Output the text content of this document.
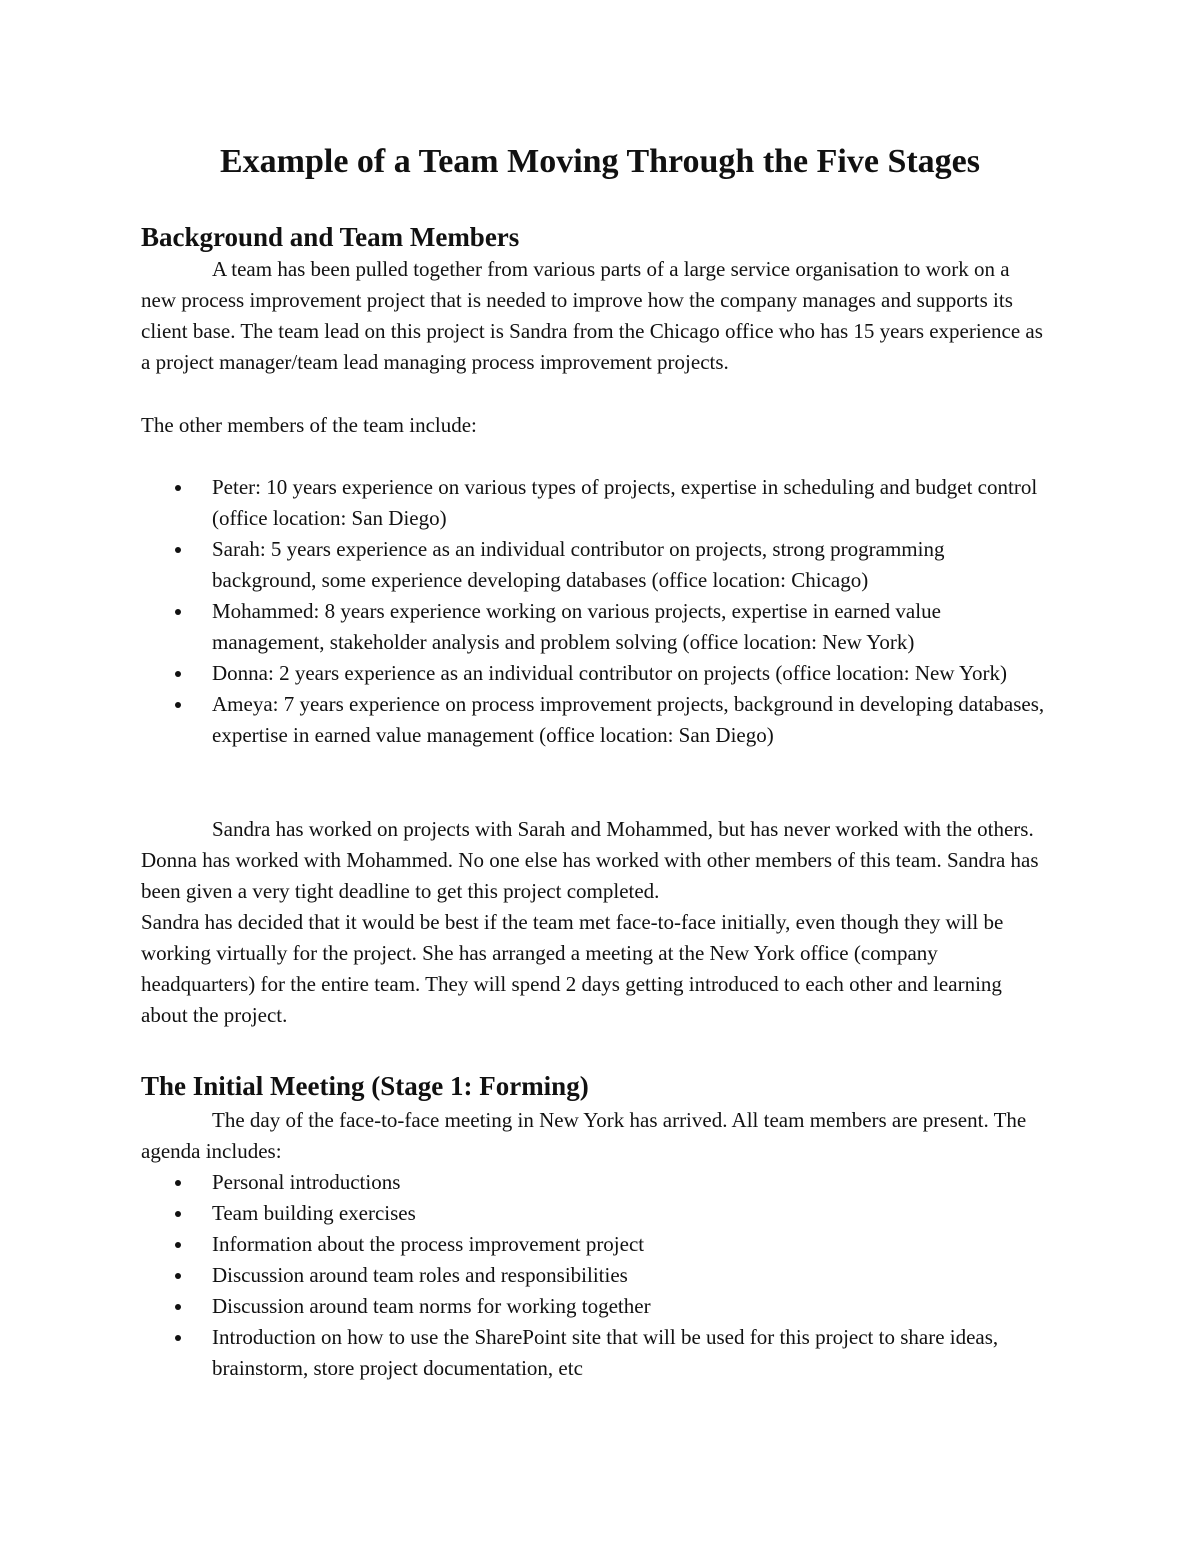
Example of a Team Moving Through the Five Stages
Background and Team Members

A team has been pulled together from various parts of a large service organisation to work on a new process improvement project that is needed to improve how the company manages and supports its client base. The team lead on this project is Sandra from the Chicago office who has 15 years experience as a project manager/team lead managing process improvement projects.

The other members of the team include:

Peter: 10 years experience on various types of projects, expertise in scheduling and budget control (office location: San Diego)
Sarah: 5 years experience as an individual contributor on projects, strong programming background, some experience developing databases (office location: Chicago)
Mohammed: 8 years experience working on various projects, expertise in earned value management, stakeholder analysis and problem solving (office location: New York)
Donna: 2 years experience as an individual contributor on projects (office location: New York)
Ameya: 7 years experience on process improvement projects, background in developing databases, expertise in earned value management (office location: San Diego)

Sandra has worked on projects with Sarah and Mohammed, but has never worked with the others. Donna has worked with Mohammed. No one else has worked with other members of this team. Sandra has been given a very tight deadline to get this project completed.

Sandra has decided that it would be best if the team met face-to-face initially, even though they will be working virtually for the project. She has arranged a meeting at the New York office (company headquarters) for the entire team. They will spend 2 days getting introduced to each other and learning about the project.

The Initial Meeting (Stage 1: Forming)

The day of the face-to-face meeting in New York has arrived. All team members are present. The agenda includes:

Personal introductions
Team building exercises
Information about the process improvement project
Discussion around team roles and responsibilities
Discussion around team norms for working together
Introduction on how to use the SharePoint site that will be used for this project to share ideas, brainstorm, store project documentation, etc
